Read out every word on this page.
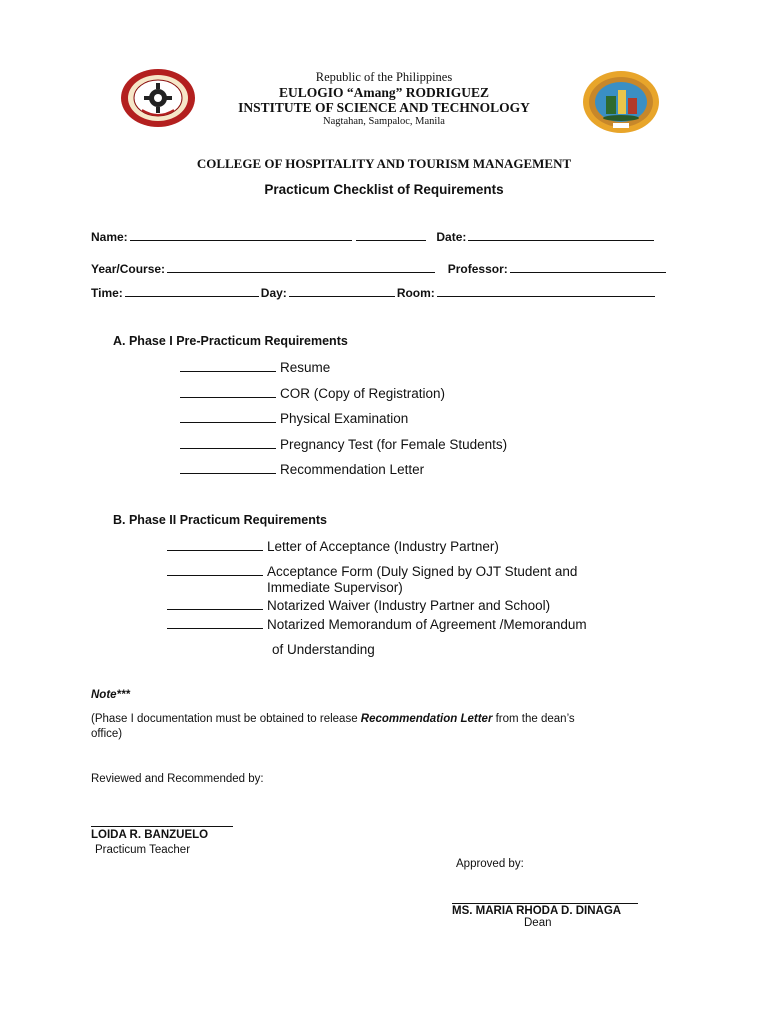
Republic of the Philippines
EULOGIO “Amang” RODRIGUEZ
INSTITUTE OF SCIENCE AND TECHNOLOGY
Nagtahan, Sampaloc, Manila
COLLEGE OF HOSPITALITY AND TOURISM MANAGEMENT
Practicum Checklist of Requirements
Name:	Date:
Year/Course:	Professor:
Time:	Day:	Room:
A. Phase I Pre-Practicum Requirements
Resume
COR (Copy of Registration)
Physical Examination
Pregnancy Test (for Female Students)
Recommendation Letter
B. Phase II Practicum Requirements
Letter of Acceptance (Industry Partner)
Acceptance Form (Duly Signed by OJT Student and
Immediate Supervisor)
Notarized Waiver (Industry Partner and School)
Notarized Memorandum of Agreement /Memorandum
of Understanding
Note***
(Phase I documentation must be obtained to release Recommendation Letter from the dean’s
office)
Reviewed and Recommended by:
LOIDA R. BANZUELO
Practicum Teacher
Approved by:
MS. MARIA RHODA D. DINAGA
Dean
